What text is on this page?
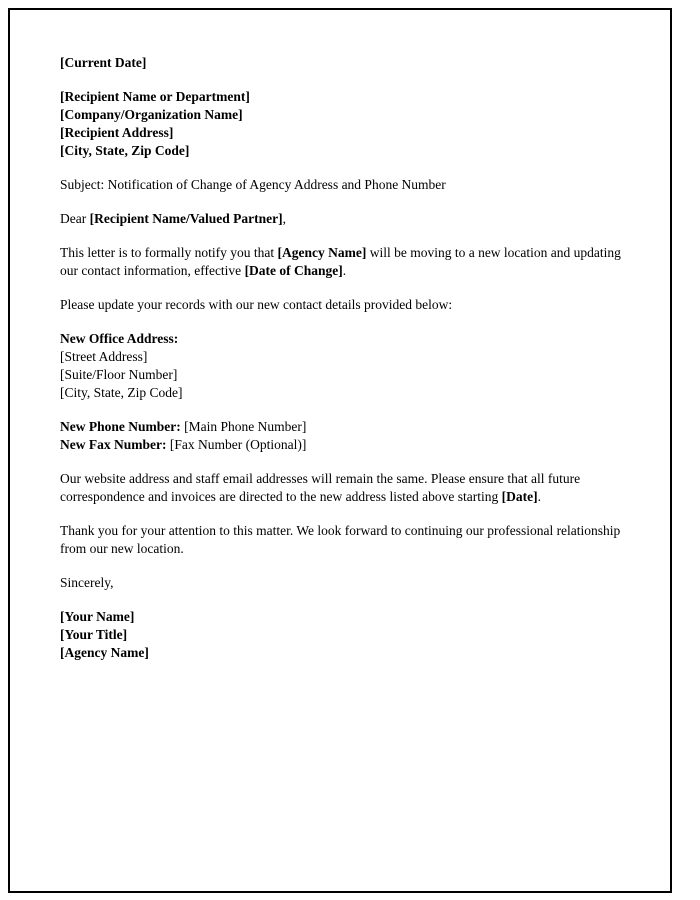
[Current Date]
[Recipient Name or Department]
[Company/Organization Name]
[Recipient Address]
[City, State, Zip Code]
Subject: Notification of Change of Agency Address and Phone Number
Dear [Recipient Name/Valued Partner],
This letter is to formally notify you that [Agency Name] will be moving to a new location and updating our contact information, effective [Date of Change].
Please update your records with our new contact details provided below:
New Office Address:
[Street Address]
[Suite/Floor Number]
[City, State, Zip Code]
New Phone Number: [Main Phone Number]
New Fax Number: [Fax Number (Optional)]
Our website address and staff email addresses will remain the same. Please ensure that all future correspondence and invoices are directed to the new address listed above starting [Date].
Thank you for your attention to this matter. We look forward to continuing our professional relationship from our new location.
Sincerely,
[Your Name]
[Your Title]
[Agency Name]
